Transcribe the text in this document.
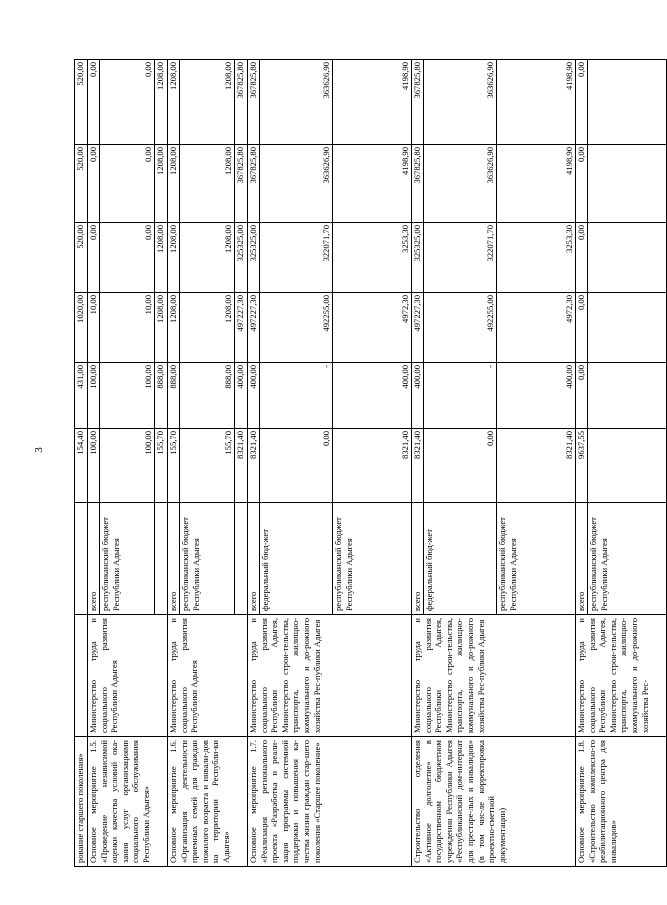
3
рование старшего поколения»			154,40	431,00	1020,00	520,00	520,00	520,00
Основное мероприятие 1.5. «Проведение независимой оценки качества условий ока-зания услуг организациями социального обслуживания Республики Адыгея»	Министерство труда и социального развития Республики Адыгея	всего	100,00	100,00	10,00	0,00	0,00	0,00
		республиканский бюджет Республики Адыгея	100,00	100,00	10,00	0,00	0,00	0,00
			155,70	888,00	1208,00	1208,00	1208,00	1208,00
Основное мероприятие 1.6. «Организация деятельности приемных семей для граждан пожилого возраста и инвали-дов на территории Республи-ки Адыгея»	Министерство труда и социального развития Республики Адыгея	всего	155,70	888,00	1208,00	1208,00	1208,00	1208,00
		республиканский бюджет Республики Адыгея	155,70	888,00	1208,00	1208,00	1208,00	1208,00
			8321,40	400,00	497227,30	325325,00	367825,80	367825,80
Основное мероприятие 1.7. «Реализация регионального проекта «Разработка и реали-зация программы системной поддержки и повышения ка-чества жизни граждан стар-шего поколения «Старшее поколение»	Министерство труда и социального развития Республики Адыгея, Министерство строи-тельства, транспорта, жилищно-коммунального и до-рожного хозяйства Рес-публики Адыгея	всего	8321,40	400,00	497227,30	325325,00	367825,80	367825,80
		федеральный бюд-жет	0,00	-	492255,00	322071,70	363626,90	363626,90
		республиканский бюджет Республики Адыгея	8321,40	400,00	4972,30	3253,30	4198,90	4198,90
Строительство отделения «Активное долголетие» в государственном бюджетном учреждении Республики Адыгея «Республиканский дом-интернат для престаре-лых и инвалидов» (в том чис-ле корректировка проектно-сметной документации)	Министерство труда и социального развития Республики Адыгея, Министерство строи-тельства, транспорта, жилищно-коммунального и до-рожного хозяйства Рес-публики Адыгея	всего	8321,40	400,00	497227,30	325325,00	367825,80	367825,80
		федеральный бюд-жет	0,00	-	492255,00	322071,70	363626,90	363626,90
		республиканский бюджет Республики Адыгея	8321,40	400,00	4972,30	3253,30	4198,90	4198,90
Основное мероприятие 1.8. «Строительство комплексно-го реабилитационного центра для инвалидов»	Министерство труда и социального развития Республики Адыгея, Министерство строи-тельства, транспорта, жилищно-коммунального и до-рожного хозяйства Рес-	всего	9637,55	0,00	0,00	0,00	0,00	0,00
		республиканский бюджет Республики Адыгея						
